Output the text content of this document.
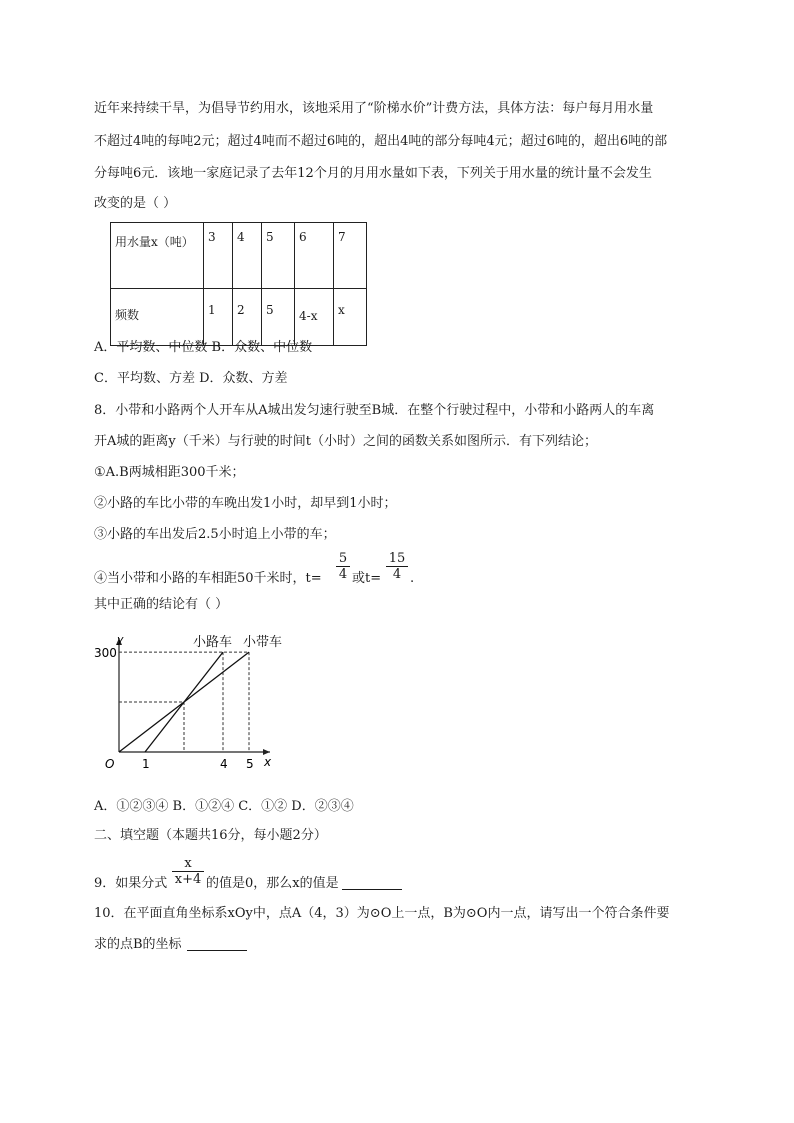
近年来持续干旱，为倡导节约用水，该地采用了“阶梯水价”计费方法，具体方法：每户每月用水量
不超过4吨的每吨2元；超过4吨而不超过6吨的，超出4吨的部分每吨4元；超过6吨的，超出6吨的部
分每吨6元．该地一家庭记录了去年12个月的月用水量如下表，下列关于用水量的统计量不会发生
改变的是（ ）
用水量x（吨）	3	4	5	6	7
频数	1	2	5	4-x	x
A．平均数、中位数 B．众数、中位数
C．平均数、方差 D．众数、方差
8．小带和小路两个人开车从A城出发匀速行驶至B城．在整个行驶过程中，小带和小路两人的车离
开A城的距离y（千米）与行驶的时间t（小时）之间的函数关系如图所示．有下列结论；
①A.B两城相距300千米；
②小路的车比小带的车晚出发1小时，却早到1小时；
③小路的车出发后2.5小时追上小带的车；
④当小带和小路的车相距50千米时，$t= \frac{5}{4}$ 或$t= \frac{15}{4}$ .
其中正确的结论有（ ）
小路车 小带车
O
y
x
1	4 5
300
A．①②③④ B．①②④ C．①② D．②③④
二、填空题（本题共16分，每小题2分）
9．如果分式 $\frac{x}{x+4}$ 的值是0，那么x的值是
10．在平面直角坐标系xOy中，点A（4，3）为⊙O上一点，B为⊙O内一点，请写出一个符合条件要
求的点B的坐标
